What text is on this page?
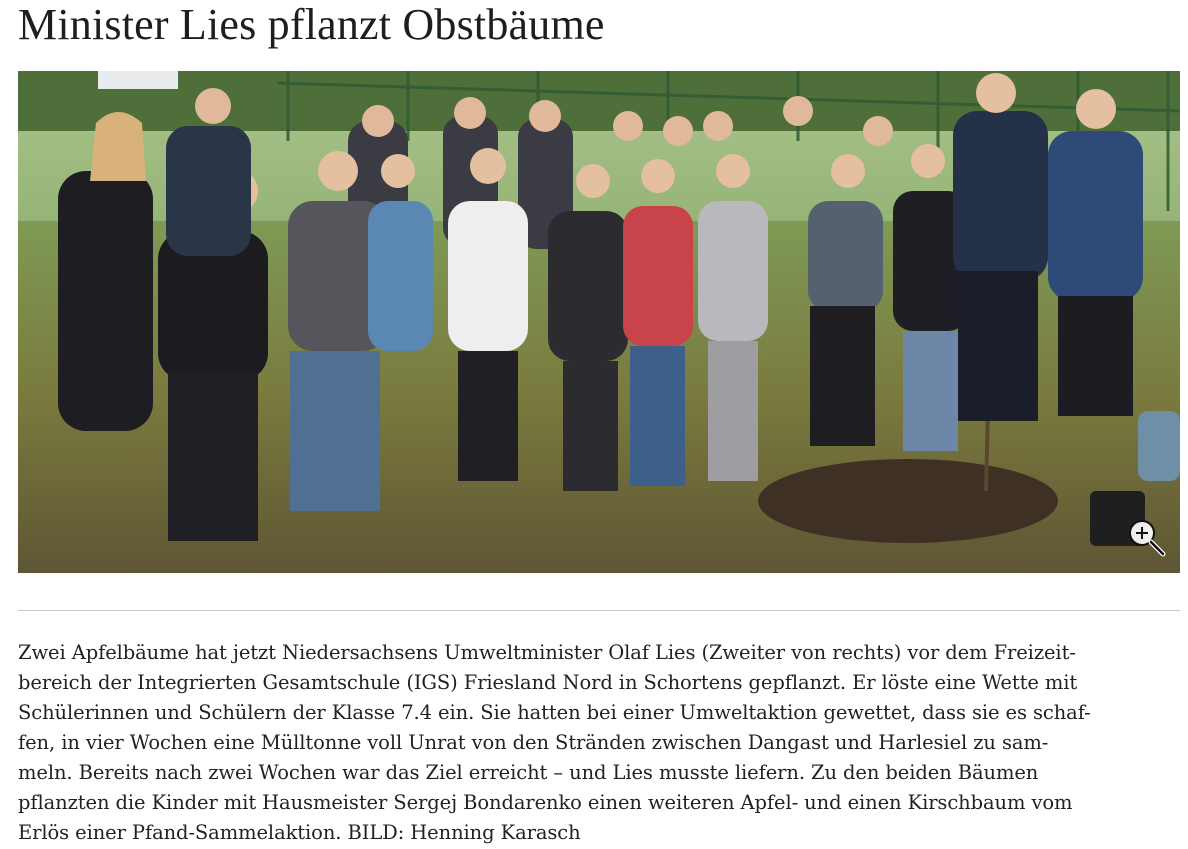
Minister Lies pflanzt Obstbäume

Zwei Apfelbäume hat jetzt Niedersachsens Umweltminister Olaf Lies (Zweiter von rechts) vor dem Freizeit-
bereich der Integrierten Gesamtschule (IGS) Friesland Nord in Schortens gepflanzt. Er löste eine Wette mit
Schülerinnen und Schülern der Klasse 7.4 ein. Sie hatten bei einer Umweltaktion gewettet, dass sie es schaf-
fen, in vier Wochen eine Mülltonne voll Unrat von den Stränden zwischen Dangast und Harlesiel zu sam-
meln. Bereits nach zwei Wochen war das Ziel erreicht – und Lies musste liefern. Zu den beiden Bäumen
pflanzten die Kinder mit Hausmeister Sergej Bondarenko einen weiteren Apfel- und einen Kirschbaum vom
Erlös einer Pfand-Sammelaktion. BILD: Henning Karasch
